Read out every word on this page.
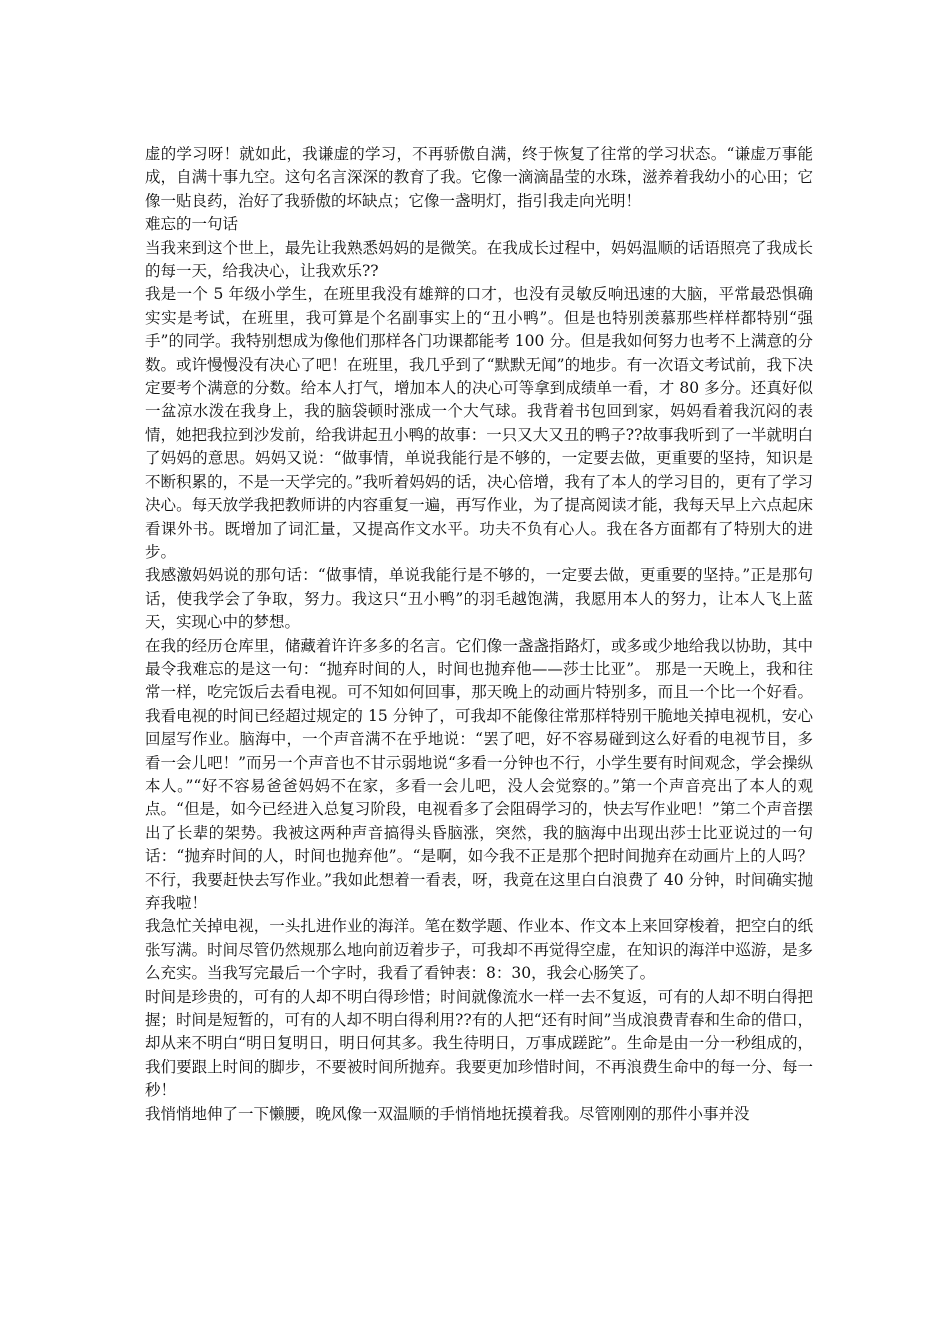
虚的学习呀！就如此，我谦虚的学习，不再骄傲自满，终于恢复了往常的学习状态。“谦虚万事能成，自满十事九空。这句名言深深的教育了我。它像一滴滴晶莹的水珠，滋养着我幼小的心田；它像一贴良药，治好了我骄傲的坏缺点；它像一盏明灯，指引我走向光明！

难忘的一句话

当我来到这个世上，最先让我熟悉妈妈的是微笑。在我成长过程中，妈妈温顺的话语照亮了我成长的每一天，给我决心，让我欢乐??

我是一个 5 年级小学生，在班里我没有雄辩的口才，也没有灵敏反响迅速的大脑，平常最恐惧确实实是考试，在班里，我可算是个名副事实上的“丑小鸭”。但是也特别羡慕那些样样都特别“强手”的同学。我特别想成为像他们那样各门功课都能考 100 分。但是我如何努力也考不上满意的分数。或许慢慢没有决心了吧！在班里，我几乎到了“默默无闻”的地步。有一次语文考试前，我下决定要考个满意的分数。给本人打气，增加本人的决心可等拿到成绩单一看，才 80 多分。还真好似一盆凉水泼在我身上，我的脑袋顿时涨成一个大气球。我背着书包回到家，妈妈看着我沉闷的表情，她把我拉到沙发前，给我讲起丑小鸭的故事：一只又大又丑的鸭子??故事我听到了一半就明白了妈妈的意思。妈妈又说：“做事情，单说我能行是不够的，一定要去做，更重要的坚持，知识是不断积累的，不是一天学完的。”我听着妈妈的话，决心倍增，我有了本人的学习目的，更有了学习决心。每天放学我把教师讲的内容重复一遍，再写作业，为了提高阅读才能，我每天早上六点起床看课外书。既增加了词汇量，又提高作文水平。功夫不负有心人。我在各方面都有了特别大的进步。

我感激妈妈说的那句话：“做事情，单说我能行是不够的，一定要去做，更重要的坚持。”正是那句话，使我学会了争取，努力。我这只“丑小鸭”的羽毛越饱满，我愿用本人的努力，让本人飞上蓝天，实现心中的梦想。

在我的经历仓库里，储藏着许许多多的名言。它们像一盏盏指路灯，或多或少地给我以协助，其中最令我难忘的是这一句：“抛弃时间的人，时间也抛弃他——莎士比亚”。 那是一天晚上，我和往常一样，吃完饭后去看电视。可不知如何回事，那天晚上的动画片特别多，而且一个比一个好看。我看电视的时间已经超过规定的 15 分钟了，可我却不能像往常那样特别干脆地关掉电视机，安心回屋写作业。脑海中，一个声音满不在乎地说：“罢了吧，好不容易碰到这么好看的电视节目，多看一会儿吧！”而另一个声音也不甘示弱地说“多看一分钟也不行，小学生要有时间观念，学会操纵本人。”“好不容易爸爸妈妈不在家，多看一会儿吧，没人会觉察的。”第一个声音亮出了本人的观点。“但是，如今已经进入总复习阶段，电视看多了会阻碍学习的，快去写作业吧！”第二个声音摆出了长辈的架势。我被这两种声音搞得头昏脑涨，突然，我的脑海中出现出莎士比亚说过的一句话：“抛弃时间的人，时间也抛弃他”。“是啊，如今我不正是那个把时间抛弃在动画片上的人吗？不行，我要赶快去写作业。”我如此想着一看表，呀，我竟在这里白白浪费了 40 分钟，时间确实抛弃我啦！

我急忙关掉电视，一头扎进作业的海洋。笔在数学题、作业本、作文本上来回穿梭着，把空白的纸张写满。时间尽管仍然规那么地向前迈着步子，可我却不再觉得空虚，在知识的海洋中巡游，是多么充实。当我写完最后一个字时，我看了看钟表：8：30，我会心肠笑了。

时间是珍贵的，可有的人却不明白得珍惜；时间就像流水一样一去不复返，可有的人却不明白得把握；时间是短暂的，可有的人却不明白得利用??有的人把“还有时间”当成浪费青春和生命的借口，却从来不明白“明日复明日，明日何其多。我生待明日，万事成蹉跎”。生命是由一分一秒组成的，我们要跟上时间的脚步，不要被时间所抛弃。我要更加珍惜时间，不再浪费生命中的每一分、每一秒！

我悄悄地伸了一下懒腰，晚风像一双温顺的手悄悄地抚摸着我。尽管刚刚的那件小事并没
